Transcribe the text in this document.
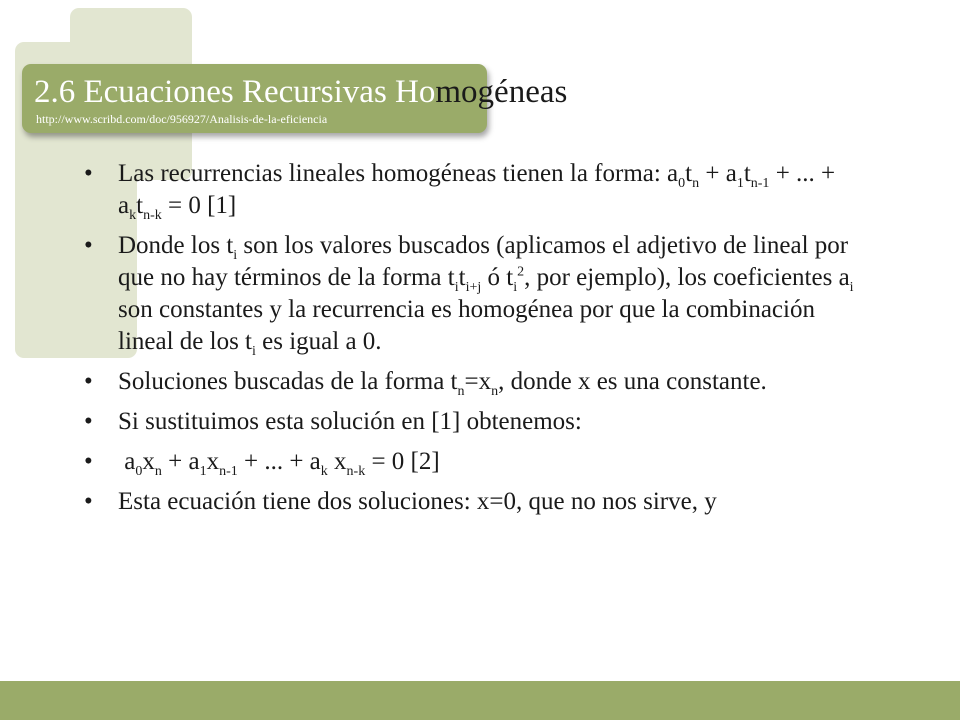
2.6 Ecuaciones Recursivas Homogéneas
http://www.scribd.com/doc/956927/Analisis-de-la-eficiencia
• Las recurrencias lineales homogéneas tienen la forma: $a_0t_n + a_1t_{n-1}$ + ... + $a_kt_{n-k} = 0$ [1]
• Donde los $t_i$ son los valores buscados (aplicamos el adjetivo de lineal por que no hay términos de la forma $t_it_{i+j}$ ó $t_i^2$, por ejemplo), los coeficientes $a_i$ son constantes y la recurrencia es homogénea por que la combinación lineal de los $t_i$ es igual a 0.
• Soluciones buscadas de la forma $t_n=x_n$, donde x es una constante.
• Si sustituimos esta solución en [1] obtenemos:
•  $a_0x_n + a_1x_{n-1}$ + ... + $a_k$ $x_{n-k} = 0$ [2]
• Esta ecuación tiene dos soluciones: x=0, que no nos sirve, y
